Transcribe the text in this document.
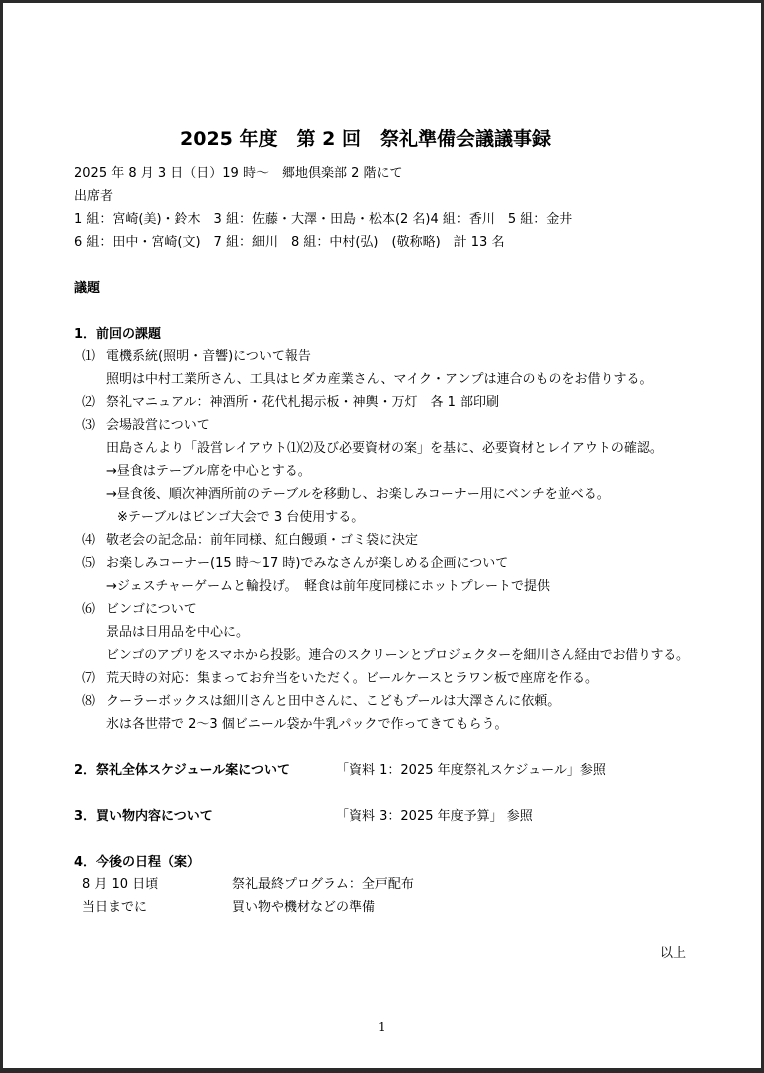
2025 年度　第 2 回　祭礼準備会議議事録
2025 年 8 月 3 日（日）19 時～　郷地倶楽部 2 階にて
出席者
1 組：宮崎(美)・鈴木　3 組：佐藤・大澤・田島・松本(2 名)4 組：香川　5 組：金井
6 組：田中・宮崎(文)　7 組：細川　8 組：中村(弘)　(敬称略)　計 13 名
議題
1．前回の課題
⑴ 電機系統(照明・音響)について報告
照明は中村工業所さん、工具はヒダカ産業さん、マイク・アンプは連合のものをお借りする。
⑵ 祭礼マニュアル：神酒所・花代札掲示板・神輿・万灯　各 1 部印刷
⑶ 会場設営について
田島さんより「設営レイアウト⑴⑵及び必要資材の案」を基に、必要資材とレイアウトの確認。
→昼食はテーブル席を中心とする。
→昼食後、順次神酒所前のテーブルを移動し、お楽しみコーナー用にベンチを並べる。
※テーブルはビンゴ大会で 3 台使用する。
⑷ 敬老会の記念品：前年同様、紅白饅頭・ゴミ袋に決定
⑸ お楽しみコーナー(15 時～17 時)でみなさんが楽しめる企画について
→ジェスチャーゲームと輪投げ。　軽食は前年度同様にホットプレートで提供
⑹ ビンゴについて
景品は日用品を中心に。
ビンゴのアプリをスマホから投影。連合のスクリーンとプロジェクターを細川さん経由でお借りする。
⑺ 荒天時の対応：集まってお弁当をいただく。ビールケースとラワン板で座席を作る。
⑻ クーラーボックスは細川さんと田中さんに、こどもプールは大澤さんに依頼。
氷は各世帯で 2～3 個ビニール袋か牛乳パックで作ってきてもらう。
2．祭礼全体スケジュール案について	「資料 1：2025 年度祭礼スケジュール」参照
3．買い物内容について	「資料 3：2025 年度予算」 参照
4．今後の日程（案）
8 月 10 日頃	祭礼最終プログラム：全戸配布
当日までに	買い物や機材などの準備
以上
1
